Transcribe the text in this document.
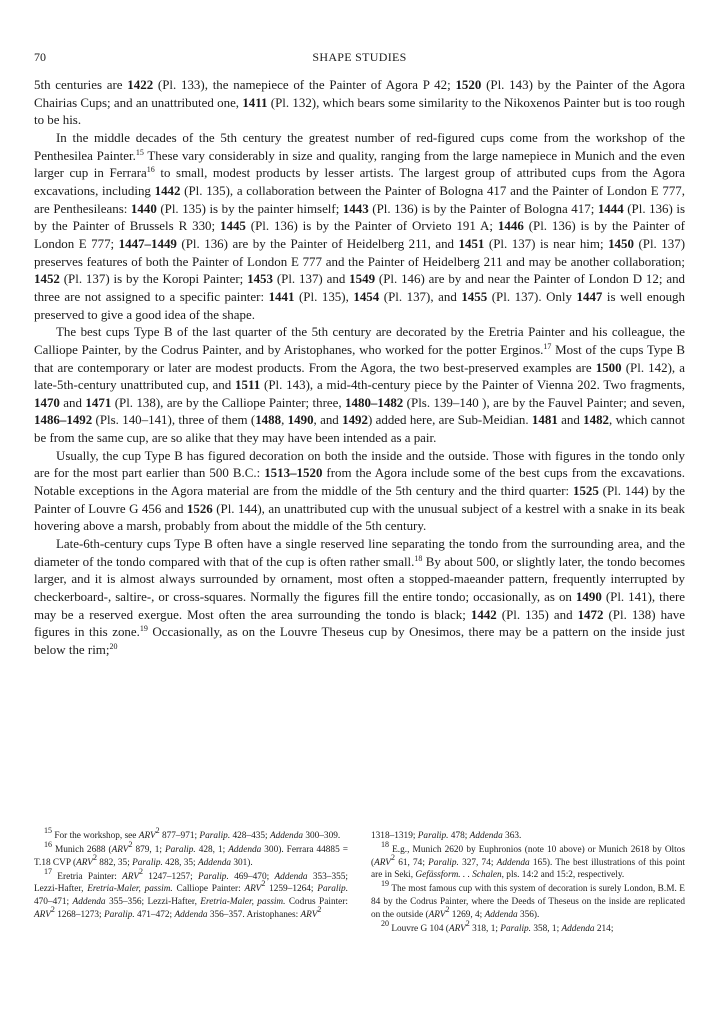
70	SHAPE STUDIES

5th centuries are 1422 (Pl. 133), the namepiece of the Painter of Agora P 42; 1520 (Pl. 143) by the Painter of the Agora Chairias Cups; and an unattributed one, 1411 (Pl. 132), which bears some similarity to the Nikoxenos Painter but is too rough to be his.

In the middle decades of the 5th century the greatest number of red-figured cups come from the workshop of the Penthesilea Painter.$^{15}$ These vary considerably in size and quality, ranging from the large namepiece in Munich and the even larger cup in Ferrara$^{16}$ to small, modest products by lesser artists. The largest group of attributed cups from the Agora excavations, including 1442 (Pl. 135), a collaboration between the Painter of Bologna 417 and the Painter of London E 777, are Penthesileans: 1440 (Pl. 135) is by the painter himself; 1443 (Pl. 136) is by the Painter of Bologna 417; 1444 (Pl. 136) is by the Painter of Brussels R 330; 1445 (Pl. 136) is by the Painter of Orvieto 191 A; 1446 (Pl. 136) is by the Painter of London E 777; 1447–1449 (Pl. 136) are by the Painter of Heidelberg 211, and 1451 (Pl. 137) is near him; 1450 (Pl. 137) preserves features of both the Painter of London E 777 and the Painter of Heidelberg 211 and may be another collaboration; 1452 (Pl. 137) is by the Koropi Painter; 1453 (Pl. 137) and 1549 (Pl. 146) are by and near the Painter of London D 12; and three are not assigned to a specific painter: 1441 (Pl. 135), 1454 (Pl. 137), and 1455 (Pl. 137). Only 1447 is well enough preserved to give a good idea of the shape.

The best cups Type B of the last quarter of the 5th century are decorated by the Eretria Painter and his colleague, the Calliope Painter, by the Codrus Painter, and by Aristophanes, who worked for the potter Erginos.$^{17}$ Most of the cups Type B that are contemporary or later are modest products. From the Agora, the two best-preserved examples are 1500 (Pl. 142), a late-5th-century unattributed cup, and 1511 (Pl. 143), a mid-4th-century piece by the Painter of Vienna 202. Two fragments, 1470 and 1471 (Pl. 138), are by the Calliope Painter; three, 1480–1482 (Pls. 139–140 ), are by the Fauvel Painter; and seven, 1486–1492 (Pls. 140–141), three of them (1488, 1490, and 1492) added here, are Sub-Meidian. 1481 and 1482, which cannot be from the same cup, are so alike that they may have been intended as a pair.

Usually, the cup Type B has figured decoration on both the inside and the outside. Those with figures in the tondo only are for the most part earlier than 500 B.C.: 1513–1520 from the Agora include some of the best cups from the excavations. Notable exceptions in the Agora material are from the middle of the 5th century and the third quarter: 1525 (Pl. 144) by the Painter of Louvre G 456 and 1526 (Pl. 144), an unattributed cup with the unusual subject of a kestrel with a snake in its beak hovering above a marsh, probably from about the middle of the 5th century.

Late-6th-century cups Type B often have a single reserved line separating the tondo from the surrounding area, and the diameter of the tondo compared with that of the cup is often rather small.$^{18}$ By about 500, or slightly later, the tondo becomes larger, and it is almost always surrounded by ornament, most often a stopped-maeander pattern, frequently interrupted by checkerboard-, saltire-, or cross-squares. Normally the figures fill the entire tondo; occasionally, as on 1490 (Pl. 141), there may be a reserved exergue. Most often the area surrounding the tondo is black; 1442 (Pl. 135) and 1472 (Pl. 138) have figures in this zone.$^{19}$ Occasionally, as on the Louvre Theseus cup by Onesimos, there may be a pattern on the inside just below the rim;$^{20}$

$^{15}$ For the workshop, see ARV$^2$ 877–971; Paralip. 428–435; Addenda 300–309.

$^{16}$ Munich 2688 (ARV$^2$ 879, 1; Paralip. 428, 1; Addenda 300). Ferrara 44885 = T.18 CVP (ARV$^2$ 882, 35; Paralip. 428, 35; Addenda 301).

$^{17}$ Eretria Painter: ARV$^2$ 1247–1257; Paralip. 469–470; Addenda 353–355; Lezzi-Hafter, Eretria-Maler, passim. Calliope Painter: ARV$^2$ 1259–1264; Paralip. 470–471; Addenda 355–356; Lezzi-Hafter, Eretria-Maler, passim. Codrus Painter: ARV$^2$ 1268–1273; Paralip. 471–472; Addenda 356–357. Aristophanes: ARV$^2$

1318–1319; Paralip. 478; Addenda 363.

$^{18}$ E.g., Munich 2620 by Euphronios (note 10 above) or Munich 2618 by Oltos (ARV$^2$ 61, 74; Paralip. 327, 74; Addenda 165). The best illustrations of this point are in Seki, Gefässform. . . Schalen, pls. 14:2 and 15:2, respectively.

$^{19}$ The most famous cup with this system of decoration is surely London, B.M. E 84 by the Codrus Painter, where the Deeds of Theseus on the inside are replicated on the outside (ARV$^2$ 1269, 4; Addenda 356).

$^{20}$ Louvre G 104 (ARV$^2$ 318, 1; Paralip. 358, 1; Addenda 214;
